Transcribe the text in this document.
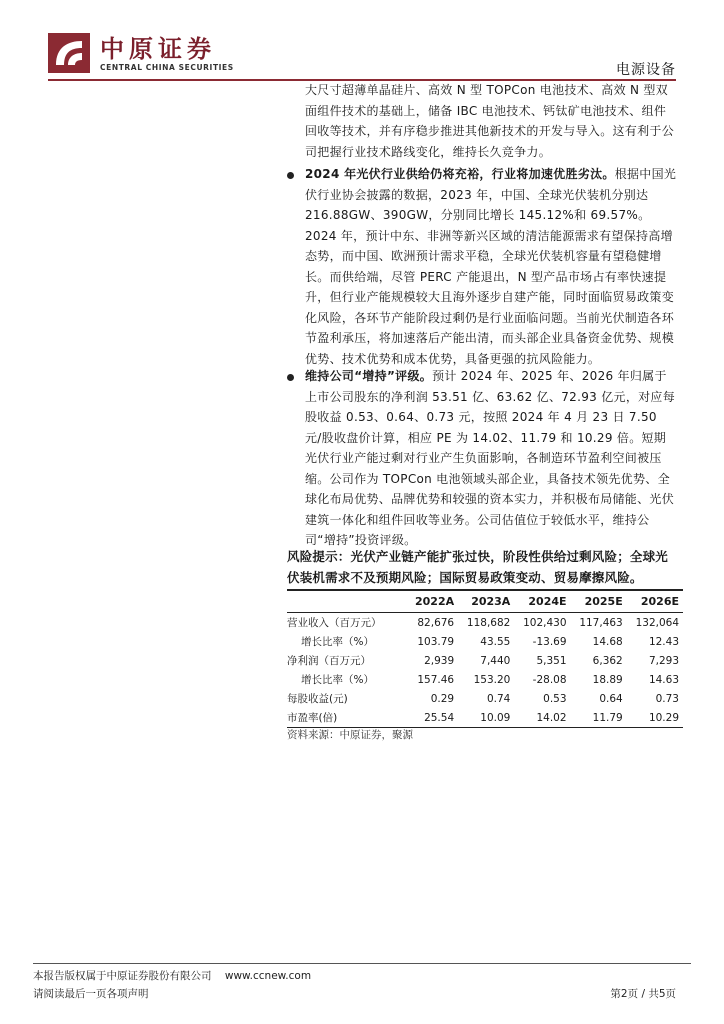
中原证券
CENTRAL CHINA SECURITIES	电源设备

大尺寸超薄单晶硅片、高效 N 型 TOPCon 电池技术、高效 N 型双面组件技术的基础上，储备 IBC 电池技术、钙钛矿电池技术、组件回收等技术，并有序稳步推进其他新技术的开发与导入。这有利于公司把握行业技术路线变化，维持长久竞争力。

2024 年光伏行业供给仍将充裕，行业将加速优胜劣汰。根据中国光伏行业协会披露的数据，2023 年，中国、全球光伏装机分别达 216.88GW、390GW，分别同比增长 145.12%和 69.57%。2024 年，预计中东、非洲等新兴区域的清洁能源需求有望保持高增态势，而中国、欧洲预计需求平稳，全球光伏装机容量有望稳健增长。而供给端，尽管 PERC 产能退出，N 型产品市场占有率快速提升，但行业产能规模较大且海外逐步自建产能，同时面临贸易政策变化风险，各环节产能阶段过剩仍是行业面临问题。当前光伏制造各环节盈利承压，将加速落后产能出清，而头部企业具备资金优势、规模优势、技术优势和成本优势，具备更强的抗风险能力。

维持公司“增持”评级。预计 2024 年、2025 年、2026 年归属于上市公司股东的净利润 53.51 亿、63.62 亿、72.93 亿元，对应每股收益 0.53、0.64、0.73 元，按照 2024 年 4 月 23 日 7.50 元/股收盘价计算，相应 PE 为 14.02、11.79 和 10.29 倍。短期光伏行业产能过剩对行业产生负面影响，各制造环节盈利空间被压缩。公司作为 TOPCon 电池领域头部企业，具备技术领先优势、全球化布局优势、品牌优势和较强的资本实力，并积极布局储能、光伏建筑一体化和组件回收等业务。公司估值位于较低水平，维持公司“增持”投资评级。

风险提示：光伏产业链产能扩张过快，阶段性供给过剩风险；全球光伏装机需求不及预期风险；国际贸易政策变动、贸易摩擦风险。
	2022A	2023A	2024E	2025E	2026E
营业收入（百万元）	82,676	118,682	102,430	117,463	132,064
增长比率（%）	103.79	43.55	-13.69	14.68	12.43
净利润（百万元）	2,939	7,440	5,351	6,362	7,293
增长比率（%）	157.46	153.20	-28.08	18.89	14.63
每股收益(元)	0.29	0.74	0.53	0.64	0.73
市盈率(倍)	25.54	10.09	14.02	11.79	10.29
资料来源：中原证券，聚源
本报告版权属于中原证券股份有限公司 www.ccnew.com
请阅读最后一页各项声明	第2页 / 共5页
